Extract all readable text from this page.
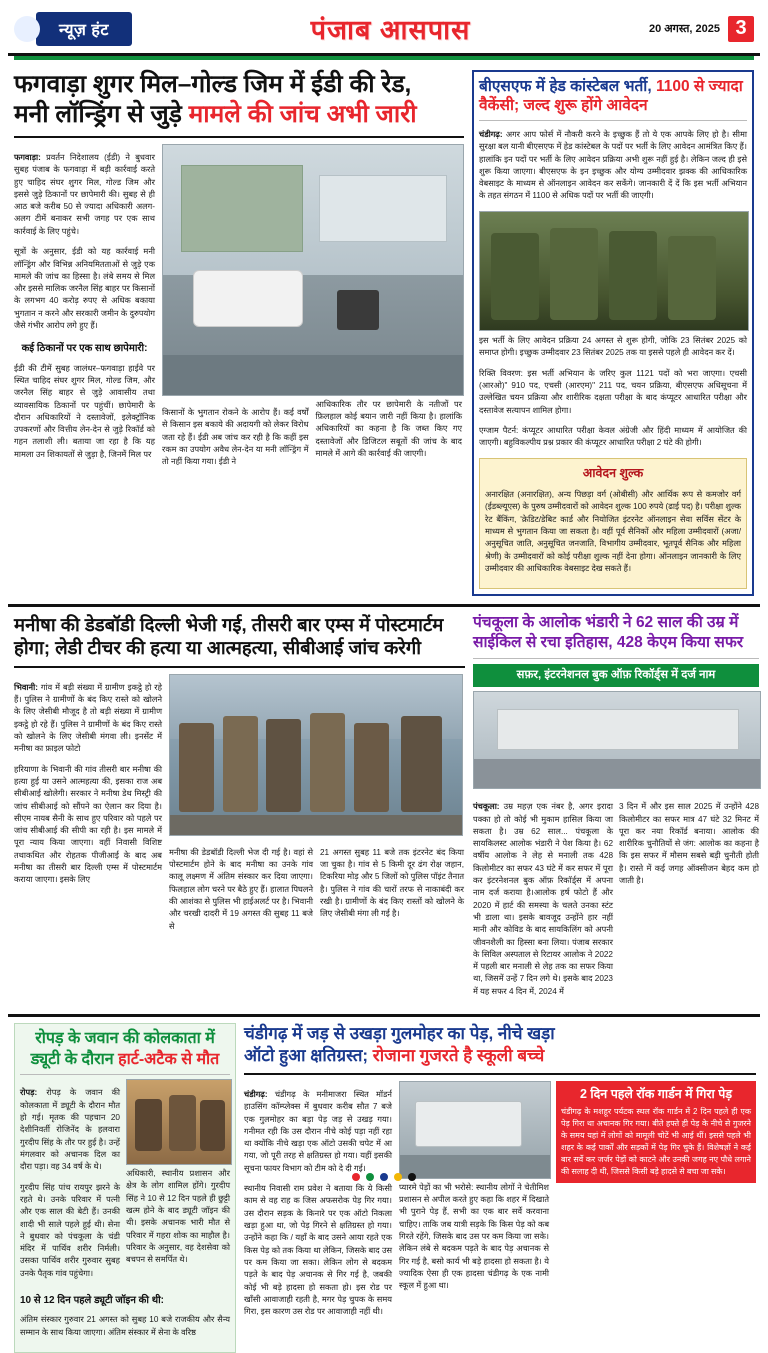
न्यूज़ हंट	पंजाब आसपास	20 अगस्त, 2025 3
फगवाड़ा शुगर मिल–गोल्ड जिम में ईडी की रेड,
मनी लॉन्ड्रिंग से जुड़े मामले की जांच अभी जारी

फगवाड़ा: प्रवर्तन निदेशालय (ईडी) ने बुधवार सुबह पंजाब के फगवाड़ा में बड़ी कार्रवाई करते हुए चाहिद संघर शुगर मिल, गोल्ड जिम और इससे जुड़े ठिकानों पर छापेमारी की। सुबह से ही आठ बजे करीब 50 से ज्यादा अधिकारी अलग-अलग टीमें बनाकर सभी जगह पर एक साथ कार्रवाई के लिए पहुंचे।

सूत्रों के अनुसार, ईडी को यह कार्रवाई मनी लॉन्ड्रिंग और विभिन्न अनियमितताओं से जुड़े एक मामले की जांच का हिस्सा है। लंबे समय से मिल और इससे मालिक जरनैल सिंह बाहर पर किसानों के लगभग 40 करोड़ रुपए से अधिक बकाया भुगतान न करने और सरकारी जमीन के दुरुपयोग जैसे गंभीर आरोप लगे हुए हैं।

कई ठिकानों पर एक साथ छापेमारी:

ईडी की टीमें सुबह जालंधर–फगवाड़ा हाईवे पर स्थित चाहिद संघर शुगर मिल, गोल्ड जिम, और जरनैल सिंह बाहर से जुड़े आवासीय तथा व्यावसायिक ठिकानों पर पहुंचीं। छापेमारी के दौरान अधिकारियों ने दस्तावेजों, इलेक्ट्रॉनिक उपकरणों और वित्तीय लेन-देन से जुड़े रिकॉर्ड को गहन तलाशी ली। बताया जा रहा है कि यह मामला उन शिकायतों से जुड़ा है, जिनमें मिल पर

किसानों के भुगतान रोकने के आरोप हैं। कई वर्षों से किसान इस बकाये की अदायगी को लेकर विरोध जता रहे हैं। ईडी अब जांच कर रही है कि कहीं इस रकम का उपयोग अवैध लेन-देन या मनी लॉन्ड्रिंग में तो नहीं किया गया। ईडी ने

आधिकारिक तौर पर छापेमारी के नतीजों पर फ़िलहाल कोई बयान जारी नहीं किया है। हालांकि अधिकारियों का कहना है कि जब्त किए गए दस्तावेजों और डिजिटल सबूतों की जांच के बाद मामले में आगे की कार्रवाई की जाएगी।

बीएसएफ में हेड कांस्टेबल भर्ती, 1100 से ज्यादा वैकेंसी; जल्द शुरू होंगे आवेदन

चंडीगढ़: अगर आप फोर्स में नौकरी करने के इच्छुक हैं तो ये एक आपके लिए हो है। सीमा सुरक्षा बल यानी बीएसएफ में हेड कांस्टेबल के पदों पर भर्ती के लिए आवेदन आमंत्रित किए हैं। हालांकि इन पदों पर भर्ती के लिए आवेदन प्रक्रिया अभी शुरू नहीं हुई है। लेकिन जल्द ही इसे शुरू किया जाएगा। बीएसएफ के इन इच्छुक और योग्य उम्मीदवार झक्क की आधिकारिक वेबसाइट के माध्यम से ऑनलाइन आवेदन कर सकेंगे। जानकारी दें दें कि इस भर्ती अभियान के तहत संगठन में 1100 से अधिक पदों पर भर्ती की जाएगी।

इस भर्ती के लिए आवेदन प्रक्रिया 24 अगस्त से शुरू होगी, जोकि 23 सितंबर 2025 को समाप्त होगी। इच्छुक उम्मीदवार 23 सितंबर 2025 तक या इससे पहले ही आवेदन कर दें।

रिक्ति विवरण: इस भर्ती अभियान के जरिए कुल 1121 पदों को भरा जाएगा। एचसी (आरओ)" 910 पद, एचसी (आरएम)" 211 पद, चयन प्रक्रिया, बीएसएफ अधिसूचना में उल्लेखित चयन प्रक्रिया और शारीरिक दक्षता परीक्षा के बाद कंप्यूटर आधारित परीक्षा और दस्तावेज सत्यापन शामिल होगा।

एग्जाम पैटर्न: कंप्यूटर आधारित परीक्षा केवल अंग्रेजी और हिंदी माध्यम में आयोजित की जाएगी। बहुविकल्पीय प्रश्न प्रकार की कंप्यूटर आधारित परीक्षा 2 घंटे की होगी।

आवेदन शुल्क

अनारक्षित (अनारक्षित), अन्य पिछड़ा वर्ग (ओबीसी) और आर्थिक रूप से कमजोर वर्ग (ईडब्ल्यूएस) के पुरुष उम्मीदवारों को आवेदन शुल्क 100 रुपये (ढाई पद) है। परीक्षा शुल्क रेट बैंकिंग, 'क्रेडिट/डेबिट कार्ड और नियोजित इंटरनेट ऑनलाइन सेवा सर्विस सेंटर के माध्यम से भुगतान किया जा सकता है। वहीं पूर्व सैनिकों और महिला उम्मीदवारों (अजा/अनुसूचित जाति, अनुसूचित जनजाति, विभागीय उम्मीदवार, भूतपूर्व सैनिक और महिला श्रेणी) के उम्मीदवारों को कोई परीक्षा शुल्क नहीं देना होगा। ऑनलाइन जानकारी के लिए उम्मीदवार की आधिकारिक वेबसाइट देख सकते हैं।

मनीषा की डेडबॉडी दिल्ली भेजी गई, तीसरी बार एम्स में पोस्टमार्टम होगा; लेडी टीचर की हत्या या आत्महत्या, सीबीआई जांच करेगी

भिवानी: गांव में बड़ी संख्या में ग्रामीण इकट्ठे हो रहे हैं। पुलिस ने ग्रामीणों के बंद किए रास्ते को खोलने के लिए जेसीबी मौजूद है तो बड़ी संख्या में ग्रामीण इकट्ठे हो रहे हैं। पुलिस ने ग्रामीणों के बंद किए रास्ते को खोलने के लिए जेसीबी मंगवा ली। इनसेंट में मनीषा का फ़ाइल फोटो

हरियाणा के भिवानी की गांव तीसरी बार मनीषा की हत्या हुई या उसने आत्महत्या की, इसका राज अब सीबीआई खोलेगी। सरकार ने मनीषा डेथ मिस्ट्री की जांच सीबीआई को सौंपने का ऐलान कर दिया है। सीएम नायब सैनी के साथ हुए परिवार को पहले पर जांच सीबीआई की सीपी का रही है। इस मामले में पूरा न्याय किया जाएगा। वहीं निवासी विशिष्ट तथाकथित और रोहतक पीजीआई के बाद अब मनीषा का तीसरी बार दिल्ली एम्स में पोस्टमार्टम कराया जाएगा। इसके लिए

मनीषा की डेडबॉडी दिल्ली भेज दी गई है। वहां से पोस्टमार्टम होने के बाद मनीषा का उनके गांव कालू लक्ष्मण में अंतिम संस्कार कर दिया जाएगा। फिलहाल लोग चरने पर बैठे हुए हैं। हालात पिघलने की आशंका से पुलिस भी हाईअलर्ट पर है। भिवानी और चरखी दादरी में 19 अगस्त की सुबह 11 बजे से

21 अगस्त सुबह 11 बजे तक इंटरनेट बंद किया जा चुका है। गांव से 5 किमी दूर ढंग रोक्ष जहान, टिकरिया मोड़ और 5 जिलों को पुलिस पॉइंट तैनात है। पुलिस ने गांव की चारों तरफ से नाकाबंदी कर रखी है। ग्रामीणों के बंद किए रास्तों को खोलने के लिए जेसीबी मंगा ली गई है।

पंचकूला के आलोक भंडारी ने 62 साल की उम्र में साईकिल से रचा इतिहास, 428 केएम किया सफर
सफ़र, इंटरनेशनल बुक ऑफ़ रिकॉर्ड्स में दर्ज नाम

पंचकूला: उम्र महज़ एक नंबर है, अगर इरादा पक्का हो तो कोई भी मुकाम हासिल किया जा सकता है। उम्र 62 साल... पंचकूला के सायकिलस्ट आलोक भंडारी ने पेश किया है। 62 वर्षीय आलोक ने लेह से मनाली तक 428 किलोमीटर का सफर 43 घंटे में कर सफर में पूरा कर इंटरनेशनल बुक ऑफ़ रिकॉर्ड्स में अपना नाम दर्ज कराया है।आलोक हर्ष फोटो हैं और 2020 में हार्ट की समस्या के चलते उनका स्टंट भी डाला था। इसके बावजूद उन्होंने हार नहीं मानी और कोविड के बाद सायकिलिंग को अपनी जीवनशैली का हिस्सा बना लिया। पंजाब सरकार के सिविल अस्पताल से रिटायर आलोक ने 2022 में पहली बार मनाली से लेह तक का सफर किया था, जिसमें उन्हें 7 दिन लगे थे। इसके बाद 2023 में यह सफर 4 दिन में, 2024 में

3 दिन में और इस साल 2025 में उन्होंने 428 किलोमीटर का सफर मात्र 47 घंटे 32 मिनट में पूरा कर नया रिकॉर्ड बनाया। आलोक की शारीरिक चुनौतियों से जंग: आलोक का कहना है कि इस सफर में मौसम सबसे बड़ी चुनौती होती है। रास्ते में कई जगह ऑक्सीजन बेहद कम हो जाती है।

रोपड़ के जवान की कोलकाता में
ड्यूटी के दौरान हार्ट-अटैक से मौत

रोपड़: रोपड़ के जवान की कोलकाता में ड्यूटी के दौरान मौत हो गई। मृतक की पहचान 20 देशीनिवर्ती रोजिनेंद के हलवारा गुरदीप सिंह के तौर पर हुई है। उन्हें मंगलवार को अचानक दिल का दौरा पड़ा। वह 34 वर्ष के थे।

गुरदीप सिंह पांच रायपुर झरने के रहते थे। उनके परिवार में पत्नी और एक साल की बेटी हैं। उनकी शादी भी साले पहले हुई थी। सेना ने बुधवार को पंचकूला के चंडी मंदिर में पार्थिव शरीर निर्मली। उसका पार्थिव शरीर गुरुवार सुबह उनके पैतृक गांव पहुंचेगा।

अधिकारी, स्थानीय प्रशासन और क्षेत्र के लोग शामिल होंगे। गुरदीप सिंह ने 10 से 12 दिन पहले ही छुट्टी खत्म होने के बाद ड्यूटी जॉइन की थी। इसके अचानक भारी मौत से परिवार में गहरा शोक का माहौल है। परिवार के अनुसार, वह देशसेवा को बचपन से समर्पित थे।

10 से 12 दिन पहले ड्यूटी जॉइन की थी:

अंतिम संस्कार गुरुवार 21 अगस्त को सुबह 10 बजे राजकीय और सैन्य सम्मान के साथ किया जाएगा। अंतिम संस्कार में सेना के वरिष्ठ

चंडीगढ़ में जड़ से उखड़ा गुलमोहर का पेड़, नीचे खड़ा
ऑटो हुआ क्षतिग्रस्त; रोजाना गुजरते है स्कूली बच्चे

चंडीगढ़: चंडीगढ़ के मनीमाजरा स्थित मॉडर्न हाउसिंग कॉम्प्लेक्स में बुधवार करीब सौत 7 बजे एक गुलमोहर का बड़ा पेड़ जड़ से उखड़ गया। गनीमत रही कि उस दौरान नीचे कोई पड़ा नहीं रहा था क्योंकि नीचे खड़ा एक ऑटो उसकी चपेट में आ गया, जो पूरी तरह से क्षतिग्रस्त हो गया। यहीं इसकी सूचना फायर विभाग को टीम को दे दी गई।

स्थानीय निवासी राम प्रवेश ने बताया कि ये किसी काम से वह राह क जिस अफसरोक पेड़ गिर गया। उस दौरान सड़क के किनारे पर एक ऑटो निकला खड़ा हुआ था, जो पेड़ गिरने से क्षतिग्रस्त हो गया। उन्होंने कहा कि / यहाँ के बाद उसने आया रहते एक किस पेड़ को तक किया था लेकिन, जिसके बाद उस पर कम किया जा सका। लेकिन लोग से बदकम पड़ते के बाद पेड़ अचानक से गिर गई है, जबकी कोई भी बड़े हादसा हो सकता हो। इस रोड पर खाँसी आवाजाही रहती है, मगर पेड़ चुपक के समय गिरा, इस कारण उस रोड पर आवाजाही नहीं थी।

प्यारमे पेड़ों का भी भरोसे: स्थानीय लोगों ने चेतीमिश प्रशासन से अपील करते हुए कहा कि शहर में दिखाते भी पुराने पेड़ हैं, सभी का एक बार सर्वे करवाना चाहिए। ताकि जब यात्री सड़के कि किस पेड़ को कब गिरते रहेंगे, जिसके बाद उस पर कम किया जा सके। लेकिन लंबे से बदकम पड़ते के बाद पेड़ अचानक से गिर गई है, बसो कार्य भी बड़े हादसा हो सकता है। ये ज्यादिक ऐसा ही एक हादसा चंडीगढ़ के एक नामी स्कूल में हुआ था।

2 दिन पहले रॉक गार्डन में गिरा पेड़
चंडीगढ़ के मशहूर पर्यटक स्थल रॉक गार्डन में 2 दिन पहले ही एक पेड़ गिरा था अचानक गिर गया। बीते हफ्ते ही पेड़ के नीचे से गुजरने के समय यहां में लोगों को मामूली चोटें भी आई थीं। इससे पहले भी शहर के कई पार्कों और सड़कों में पेड़ गिर चुके हैं। विशेषज्ञों ने कई बार सर्वे कर जर्जर पेड़ों को काटने और उनकी जगह नए पौधे लगाने की सलाह दी थी, जिससे किसी बड़े हादसे से बचा जा सके।
